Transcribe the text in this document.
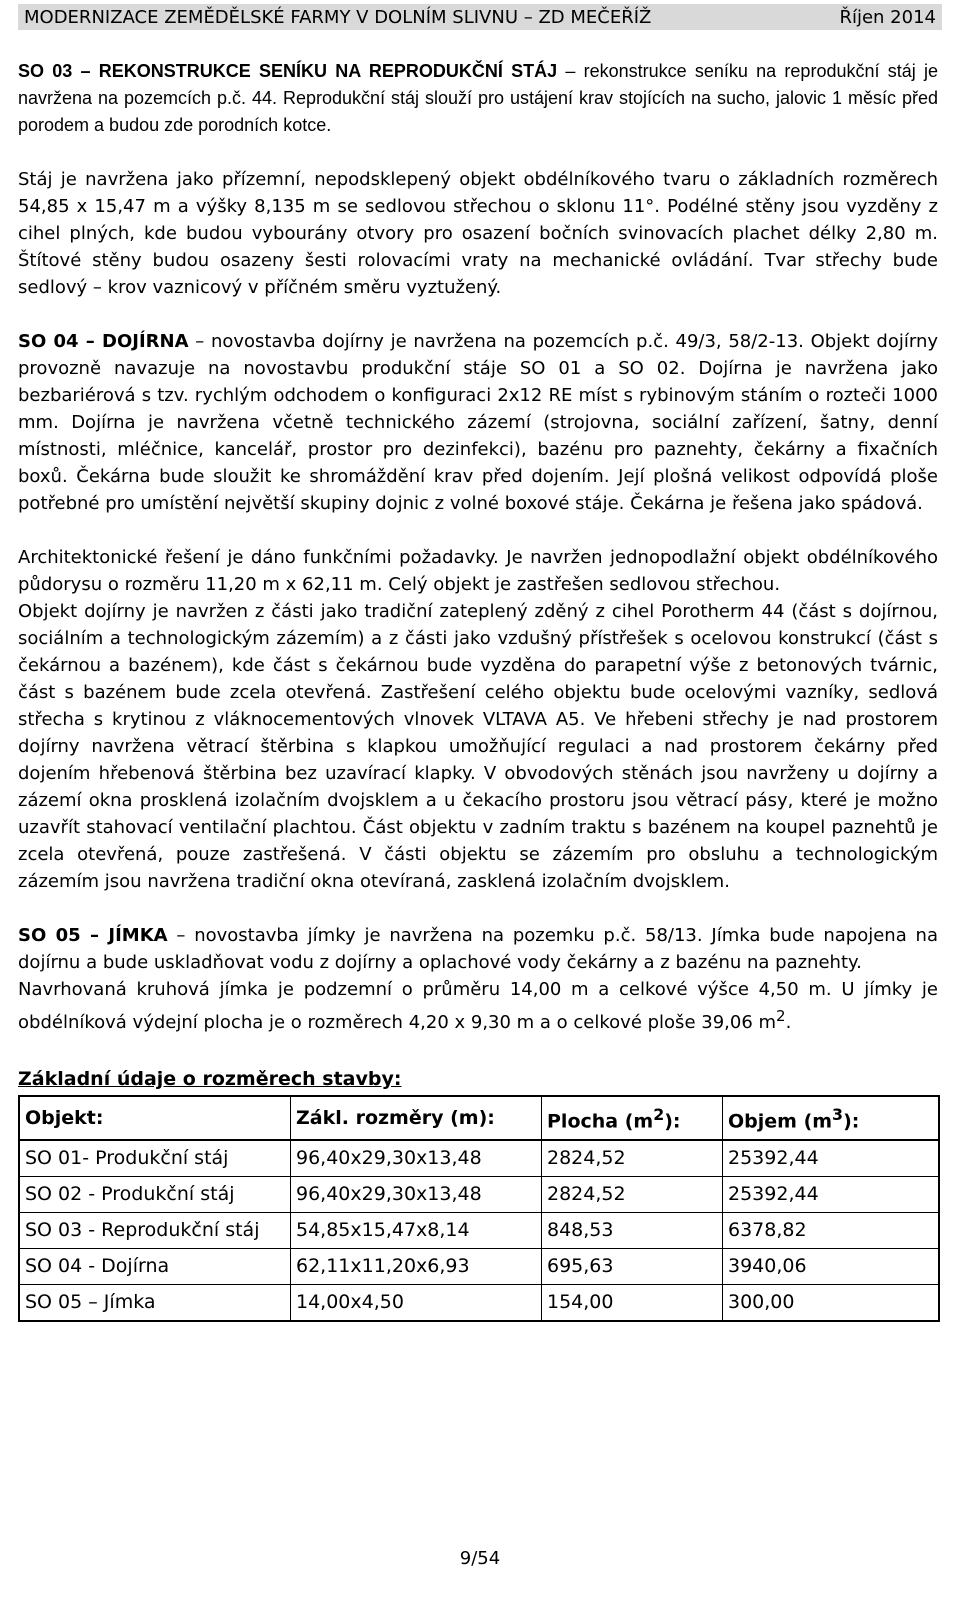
MODERNIZACE ZEMĚDĚLSKÉ FARMY V DOLNÍM SLIVNU – ZD MEČEŘÍŽ	Říjen 2014

SO 03 – REKONSTRUKCE SENÍKU NA REPRODUKČNÍ STÁJ – rekonstrukce seníku na reprodukční stáj je navržena na pozemcích p.č. 44. Reprodukční stáj slouží pro ustájení krav stojících na sucho, jalovic 1 měsíc před porodem a budou zde porodních kotce.

Stáj je navržena jako přízemní, nepodsklepený objekt obdélníkového tvaru o základních rozměrech 54,85 x 15,47 m a výšky 8,135 m se sedlovou střechou o sklonu 11°. Podélné stěny jsou vyzděny z cihel plných, kde budou vybourány otvory pro osazení bočních svinovacích plachet délky 2,80 m. Štítové stěny budou osazeny šesti rolovacími vraty na mechanické ovládání. Tvar střechy bude sedlový – krov vaznicový v příčném směru vyztužený.

SO 04 – DOJÍRNA – novostavba dojírny je navržena na pozemcích p.č. 49/3, 58/2-13. Objekt dojírny provozně navazuje na novostavbu produkční stáje SO 01 a SO 02. Dojírna je navržena jako bezbariérová s tzv. rychlým odchodem o konfiguraci 2x12 RE míst s rybinovým stáním o rozteči 1000 mm. Dojírna je navržena včetně technického zázemí (strojovna, sociální zařízení, šatny, denní místnosti, mléčnice, kancelář, prostor pro dezinfekci), bazénu pro paznehty, čekárny a fixačních boxů. Čekárna bude sloužit ke shromáždění krav před dojením. Její plošná velikost odpovídá ploše potřebné pro umístění největší skupiny dojnic z volné boxové stáje. Čekárna je řešena jako spádová.

Architektonické řešení je dáno funkčními požadavky. Je navržen jednopodlažní objekt obdélníkového půdorysu o rozměru 11,20 m x 62,11 m. Celý objekt je zastřešen sedlovou střechou.

Objekt dojírny je navržen z části jako tradiční zateplený zděný z cihel Porotherm 44 (část s dojírnou, sociálním a technologickým zázemím) a z části jako vzdušný přístřešek s ocelovou konstrukcí (část s čekárnou a bazénem), kde část s čekárnou bude vyzděna do parapetní výše z betonových tvárnic, část s bazénem bude zcela otevřená. Zastřešení celého objektu bude ocelovými vazníky, sedlová střecha s krytinou z vláknocementových vlnovek VLTAVA A5. Ve hřebeni střechy je nad prostorem dojírny navržena větrací štěrbina s klapkou umožňující regulaci a nad prostorem čekárny před dojením hřebenová štěrbina bez uzavírací klapky. V obvodových stěnách jsou navrženy u dojírny a zázemí okna prosklená izolačním dvojsklem a u čekacího prostoru jsou větrací pásy, které je možno uzavřít stahovací ventilační plachtou. Část objektu v zadním traktu s bazénem na koupel paznehtů je zcela otevřená, pouze zastřešená. V části objektu se zázemím pro obsluhu a technologickým zázemím jsou navržena tradiční okna otevíraná, zasklená izolačním dvojsklem.

SO 05 – JÍMKA – novostavba jímky je navržena na pozemku p.č. 58/13. Jímka bude napojena na dojírnu a bude uskladňovat vodu z dojírny a oplachové vody čekárny a z bazénu na paznehty.

Navrhovaná kruhová jímka je podzemní o průměru 14,00 m a celkové výšce 4,50 m. U jímky je obdélníková výdejní plocha je o rozměrech 4,20 x 9,30 m a o celkové ploše 39,06 $m^2$.

Základní údaje o rozměrech stavby:
Objekt:	Zákl. rozměry (m):	Plocha $(m^2)$:	Objem $(m^3)$:
SO 01- Produkční stáj	96,40x29,30x13,48	2824,52	25392,44
SO 02 - Produkční stáj	96,40x29,30x13,48	2824,52	25392,44
SO 03 - Reprodukční stáj	54,85x15,47x8,14	848,53	6378,82
SO 04 - Dojírna	62,11x11,20x6,93	695,63	3940,06
SO 05 – Jímka	14,00x4,50	154,00	300,00
9/54
